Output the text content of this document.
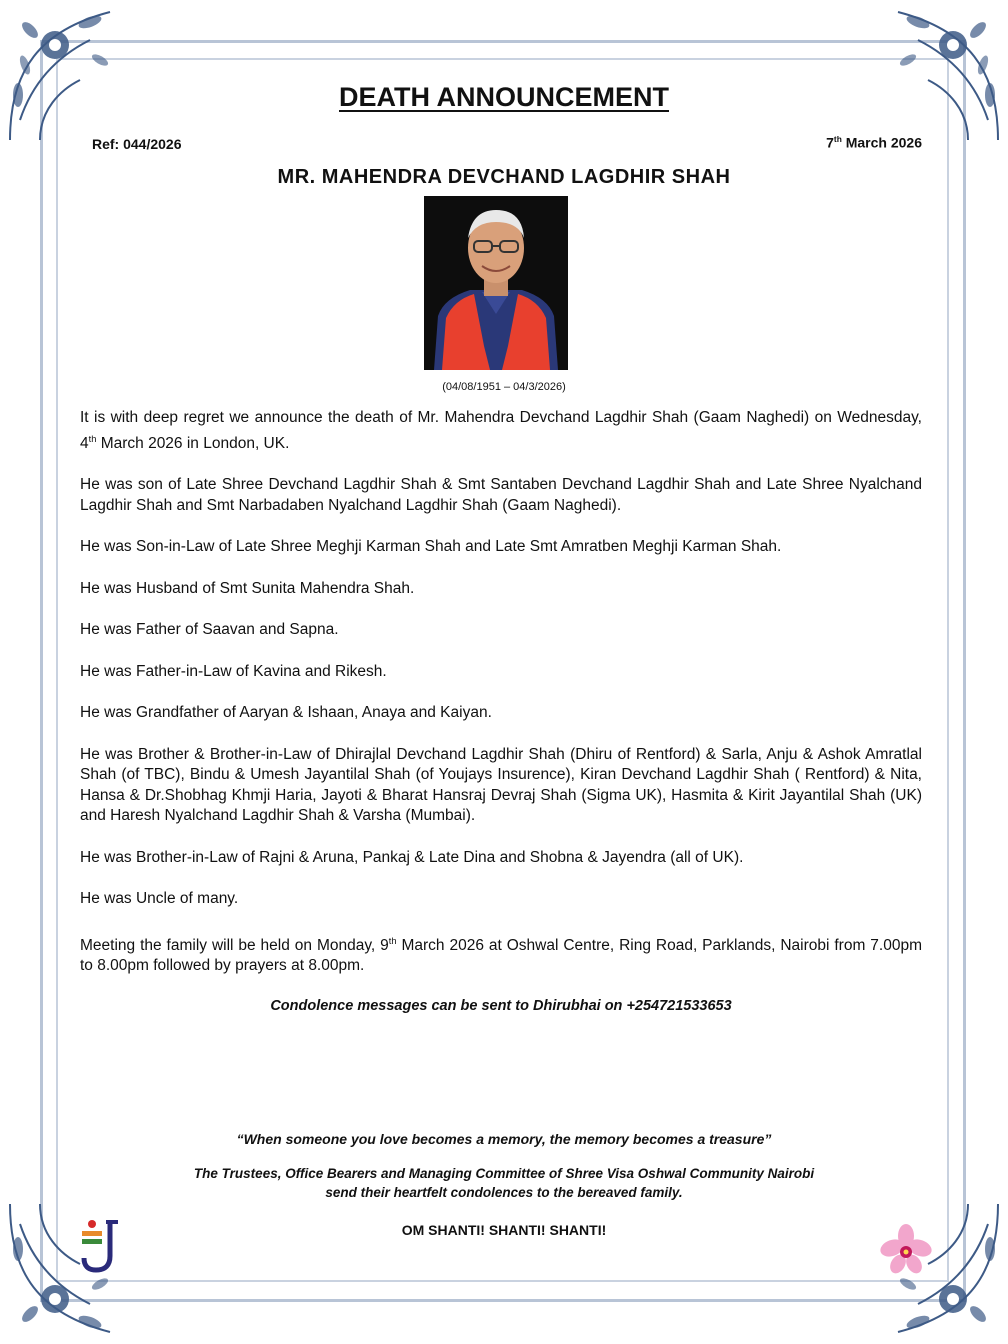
DEATH ANNOUNCEMENT
Ref: 044/2026	7th March 2026
MR. MAHENDRA DEVCHAND LAGDHIR SHAH
(04/08/1951 – 04/3/2026)

It is with deep regret we announce the death of Mr. Mahendra Devchand Lagdhir Shah (Gaam Naghedi) on Wednesday, 4th March 2026 in London, UK.

He was son of Late Shree Devchand Lagdhir Shah & Smt Santaben Devchand Lagdhir Shah and Late Shree Nyalchand Lagdhir Shah and Smt Narbadaben Nyalchand Lagdhir Shah (Gaam Naghedi).

He was Son-in-Law of Late Shree Meghji Karman Shah and Late Smt Amratben Meghji Karman Shah.

He was Husband of Smt Sunita Mahendra Shah.

He was Father of Saavan and Sapna.

He was Father-in-Law of Kavina and Rikesh.

He was Grandfather of Aaryan & Ishaan, Anaya and Kaiyan.

He was Brother & Brother-in-Law of Dhirajlal Devchand Lagdhir Shah (Dhiru of Rentford) & Sarla, Anju & Ashok Amratlal Shah (of TBC), Bindu & Umesh Jayantilal Shah (of Youjays Insurence), Kiran Devchand Lagdhir Shah ( Rentford) & Nita, Hansa & Dr.Shobhag Khmji Haria, Jayoti & Bharat Hansraj Devraj Shah (Sigma UK), Hasmita & Kirit Jayantilal Shah (UK) and Haresh Nyalchand Lagdhir Shah & Varsha (Mumbai).

He was Brother-in-Law of Rajni & Aruna, Pankaj & Late Dina and Shobna & Jayendra (all of UK).

He was Uncle of many.

Meeting the family will be held on Monday, 9th March 2026 at Oshwal Centre, Ring Road, Parklands, Nairobi from 7.00pm to 8.00pm followed by prayers at 8.00pm.

Condolence messages can be sent to Dhirubhai on +254721533653
“When someone you love becomes a memory, the memory becomes a treasure”
The Trustees, Office Bearers and Managing Committee of Shree Visa Oshwal Community Nairobi
send their heartfelt condolences to the bereaved family.
OM SHANTI! SHANTI! SHANTI!
